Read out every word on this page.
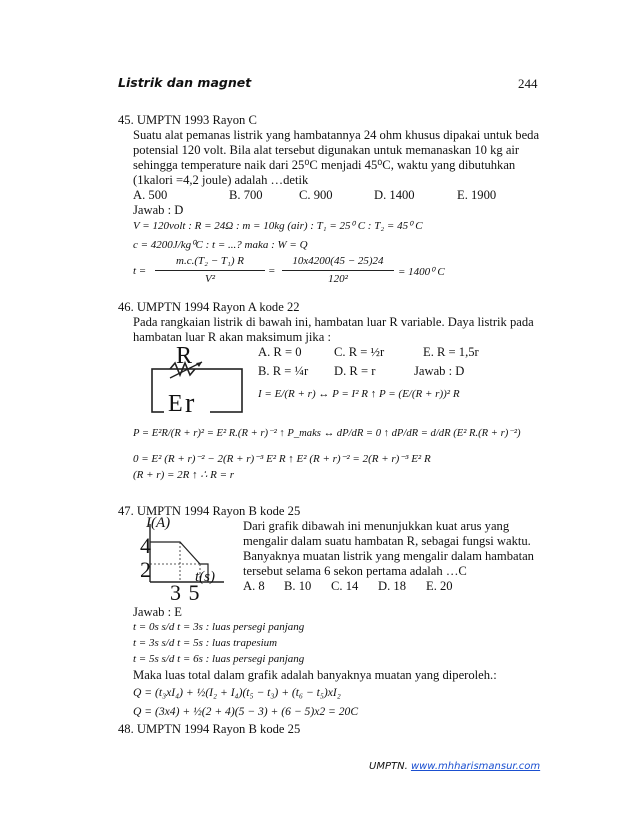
Listrik dan magnet	244
45. UMPTN 1993 Rayon C
Suatu alat pemanas listrik yang hambatannya 24 ohm khusus dipakai untuk beda
potensial 120 volt. Bila alat tersebut digunakan untuk memanaskan 10 kg air
sehingga temperature naik dari 25⁰C menjadi 45⁰C, waktu yang dibutuhkan
(1kalori =4,2 joule) adalah …detik
A. 500	B. 700	C. 900	D. 1400	E. 1900
Jawab : D
V = 120volt : R = 24Ω : m = 10kg (air) : T₁ = 25⁰ C : T₂ = 45⁰ C
c = 4200J/kg⁰C : t = ...? maka : W = Q
t =
m.c.(T₂ − T₁) R
V²
=
10x4200(45 − 25)24
120²
= 1400⁰ C
46. UMPTN 1994 Rayon A kode 22
Pada rangkaian listrik di bawah ini, hambatan luar R variable. Daya listrik pada
hambatan luar R akan maksimum jika :
R
E r
A. R = 0	C. R = ½r	E. R = 1,5r
B. R = ¼r D. R = r	Jawab : D
I = E/(R + r) ↔ P = I² R ↑ P = (E/(R + r))² R
P = E²R/(R + r)² = E² R.(R + r)⁻² ↑ P_maks ↔ dP/dR = 0 ↑ dP/dR = d/dR (E² R.(R + r)⁻²)
0 = E² (R + r)⁻² − 2(R + r)⁻³ E² R ↑ E² (R + r)⁻² = 2(R + r)⁻³ E² R
(R + r) = 2R ↑ ∴ R = r
47. UMPTN 1994 Rayon B kode 25
I(A)
4
2	t(s)
3 5
Dari grafik dibawah ini menunjukkan kuat arus yang
mengalir dalam suatu hambatan R, sebagai fungsi waktu.
Banyaknya muatan listrik yang mengalir dalam hambatan
tersebut selama 6 sekon pertama adalah …C
A. 8 B. 10 C. 14 D. 18 E. 20
Jawab : E
t = 0s s/d t = 3s : luas persegi panjang
t = 3s s/d t = 5s : luas trapesium
t = 5s s/d t = 6s : luas persegi panjang
Maka luas total dalam grafik adalah banyaknya muatan yang diperoleh.:
Q = (t₃xI₄) + ½(I₂ + I₄)(t₅ − t₃) + (t₆ − t₅)xI₂
Q = (3x4) + ½(2 + 4)(5 − 3) + (6 − 5)x2 = 20C
48. UMPTN 1994 Rayon B kode 25
UMPTN. www.mhharismansur.com
